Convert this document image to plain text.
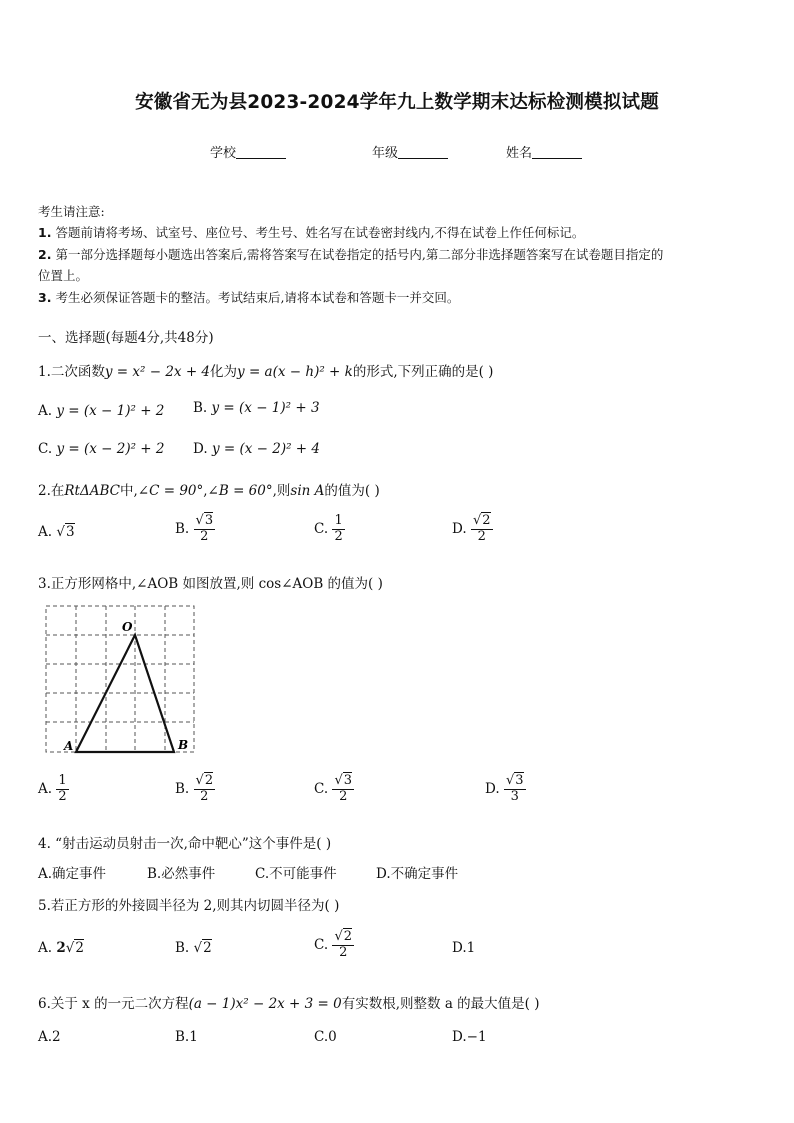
安徽省无为县2023-2024学年九上数学期末达标检测模拟试题
学校	年级	姓名
考生请注意:
1. 答题前请将考场、试室号、座位号、考生号、姓名写在试卷密封线内,不得在试卷上作任何标记。
2. 第一部分选择题每小题选出答案后,需将答案写在试卷指定的括号内,第二部分非选择题答案写在试卷题目指定的
位置上。
3. 考生必须保证答题卡的整洁。考试结束后,请将本试卷和答题卡一并交回。
一、选择题(每题4分,共48分)
1.二次函数y = x² − 2x + 4化为y = a(x − h)² + k的形式,下列正确的是( )
A. y = (x − 1)² + 2 B. y = (x − 1)² + 3
C. y = (x − 2)² + 2 D. y = (x − 2)² + 4
2.在RtΔABC中,∠C = 90°,∠B = 60°,则sin A的值为( )
A. √3	B. $\frac{√3}{2}$	C. $\frac{1}{2}$	D. $\frac{√2}{2}$
3.正方形网格中,∠AOB 如图放置,则 cos∠AOB 的值为( )
O
A	B
A. $\frac{1}{2}$	B. $\frac{√2}{2}$	C. $\frac{√3}{2}$	D. $\frac{√3}{3}$
4. “射击运动员射击一次,命中靶心”这个事件是( )
A.确定事件	B.必然事件	C.不可能事件	D.不确定事件
5.若正方形的外接圆半径为 2,则其内切圆半径为( )
A. 2√2	B. √2	C. $\frac{√2}{2}$	D.1
6.关于 x 的一元二次方程(a − 1)x² − 2x + 3 = 0有实数根,则整数 a 的最大值是( )
A.2	B.1	C.0	D.−1
